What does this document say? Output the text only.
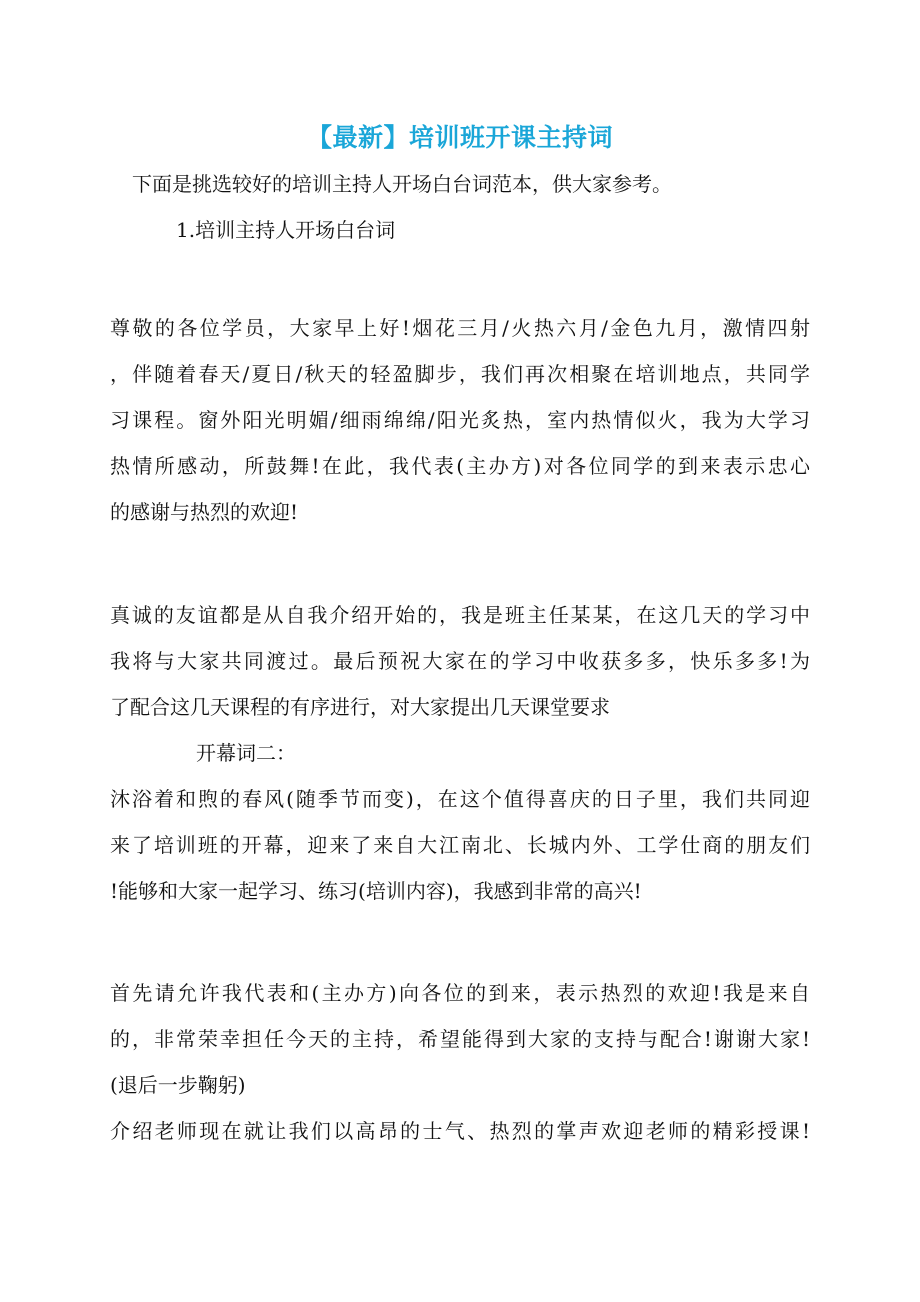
【最新】培训班开课主持词
下面是挑选较好的培训主持人开场白台词范本，供大家参考。
1.培训主持人开场白台词
尊敬的各位学员，大家早上好!烟花三月/火热六月/金色九月，激情四射
，伴随着春天/夏日/秋天的轻盈脚步，我们再次相聚在培训地点，共同学
习课程。窗外阳光明媚/细雨绵绵/阳光炙热，室内热情似火，我为大学习
热情所感动，所鼓舞!在此，我代表(主办方)对各位同学的到来表示忠心
的感谢与热烈的欢迎!
真诚的友谊都是从自我介绍开始的，我是班主任某某，在这几天的学习中
我将与大家共同渡过。最后预祝大家在的学习中收获多多，快乐多多!为
了配合这几天课程的有序进行，对大家提出几天课堂要求
开幕词二：
沐浴着和煦的春风(随季节而变)，在这个值得喜庆的日子里，我们共同迎
来了培训班的开幕，迎来了来自大江南北、长城内外、工学仕商的朋友们
!能够和大家一起学习、练习(培训内容)，我感到非常的高兴!
首先请允许我代表和(主办方)向各位的到来，表示热烈的欢迎!我是来自
的，非常荣幸担任今天的主持，希望能得到大家的支持与配合!谢谢大家!
(退后一步鞠躬)
介绍老师现在就让我们以高昂的士气、热烈的掌声欢迎老师的精彩授课!
